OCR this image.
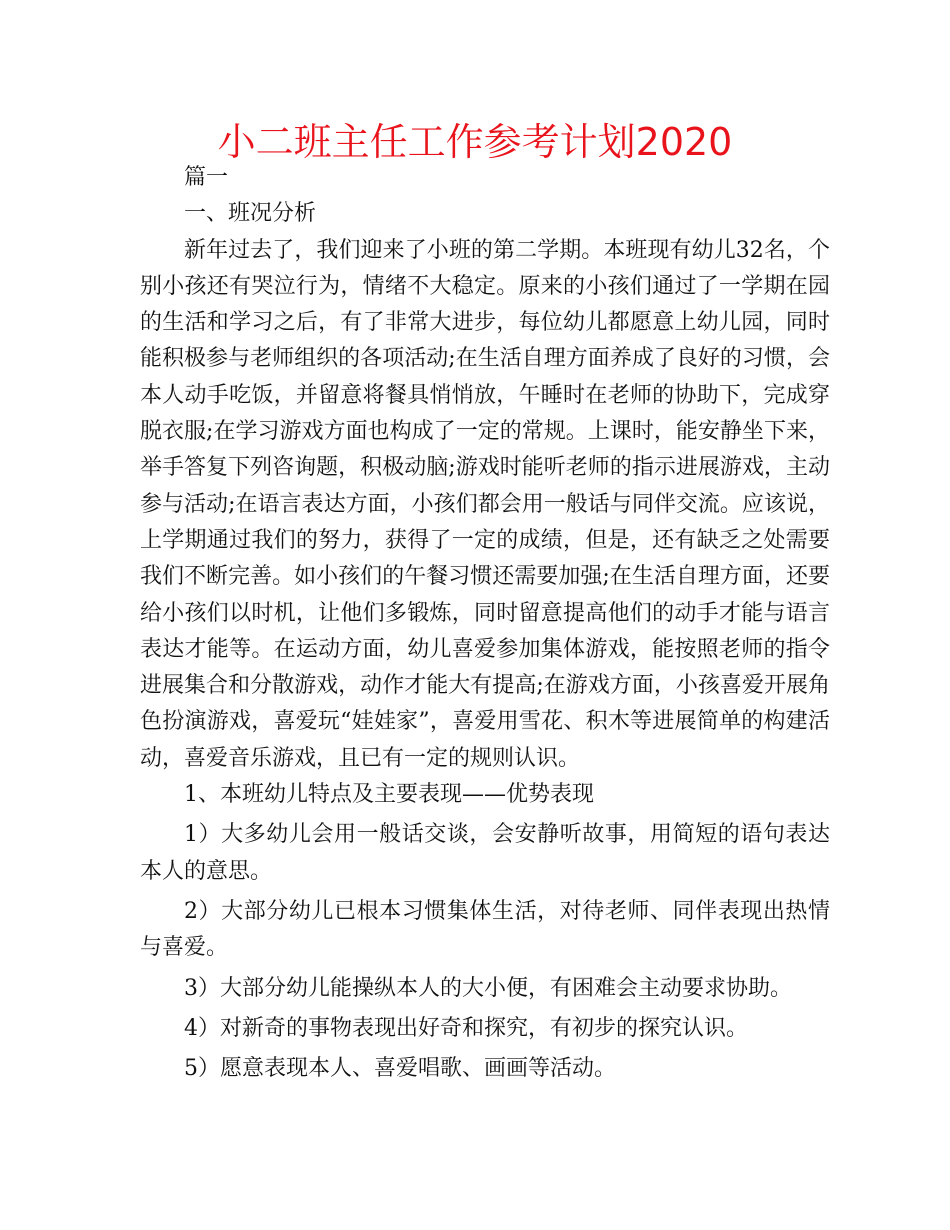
小二班主任工作参考计划2020

篇一

一、班况分析

新年过去了，我们迎来了小班的第二学期。本班现有幼儿32名，个别小孩还有哭泣行为，情绪不大稳定。原来的小孩们通过了一学期在园的生活和学习之后，有了非常大进步，每位幼儿都愿意上幼儿园，同时能积极参与老师组织的各项活动;在生活自理方面养成了良好的习惯，会本人动手吃饭，并留意将餐具悄悄放，午睡时在老师的协助下，完成穿脱衣服;在学习游戏方面也构成了一定的常规。上课时，能安静坐下来，举手答复下列咨询题，积极动脑;游戏时能听老师的指示进展游戏，主动参与活动;在语言表达方面，小孩们都会用一般话与同伴交流。应该说，上学期通过我们的努力，获得了一定的成绩，但是，还有缺乏之处需要我们不断完善。如小孩们的午餐习惯还需要加强;在生活自理方面，还要给小孩们以时机，让他们多锻炼，同时留意提高他们的动手才能与语言表达才能等。在运动方面，幼儿喜爱参加集体游戏，能按照老师的指令进展集合和分散游戏，动作才能大有提高;在游戏方面，小孩喜爱开展角色扮演游戏，喜爱玩“娃娃家”，喜爱用雪花、积木等进展简单的构建活动，喜爱音乐游戏，且已有一定的规则认识。

1、本班幼儿特点及主要表现——优势表现

1）大多幼儿会用一般话交谈，会安静听故事，用简短的语句表达本人的意思。

2）大部分幼儿已根本习惯集体生活，对待老师、同伴表现出热情与喜爱。

3）大部分幼儿能操纵本人的大小便，有困难会主动要求协助。

4）对新奇的事物表现出好奇和探究，有初步的探究认识。

5）愿意表现本人、喜爱唱歌、画画等活动。
